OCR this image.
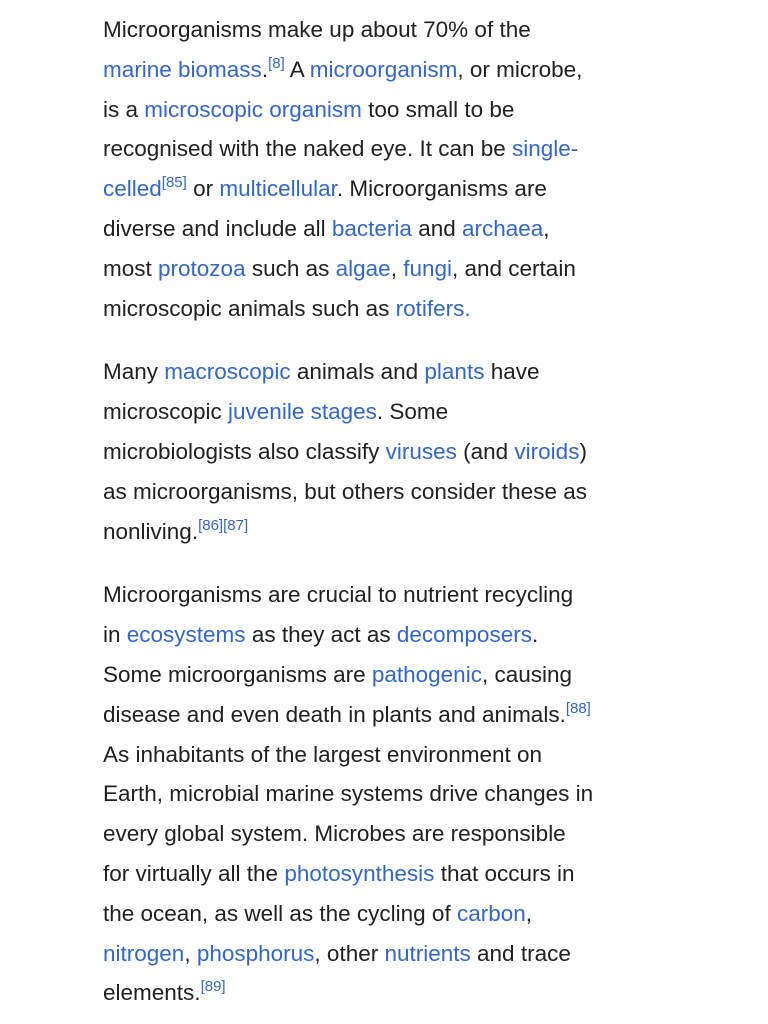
Microorganisms make up about 70% of the
marine biomass.[8] A microorganism, or microbe,
is a microscopic organism too small to be
recognised with the naked eye. It can be single-
celled[85] or multicellular. Microorganisms are
diverse and include all bacteria and archaea,
most protozoa such as algae, fungi, and certain
microscopic animals such as rotifers.
Many macroscopic animals and plants have
microscopic juvenile stages. Some
microbiologists also classify viruses (and viroids)
as microorganisms, but others consider these as
nonliving.[86][87]
Microorganisms are crucial to nutrient recycling
in ecosystems as they act as decomposers.
Some microorganisms are pathogenic, causing
disease and even death in plants and animals.[88]
As inhabitants of the largest environment on
Earth, microbial marine systems drive changes in
every global system. Microbes are responsible
for virtually all the photosynthesis that occurs in
the ocean, as well as the cycling of carbon,
nitrogen, phosphorus, other nutrients and trace
elements.[89]
